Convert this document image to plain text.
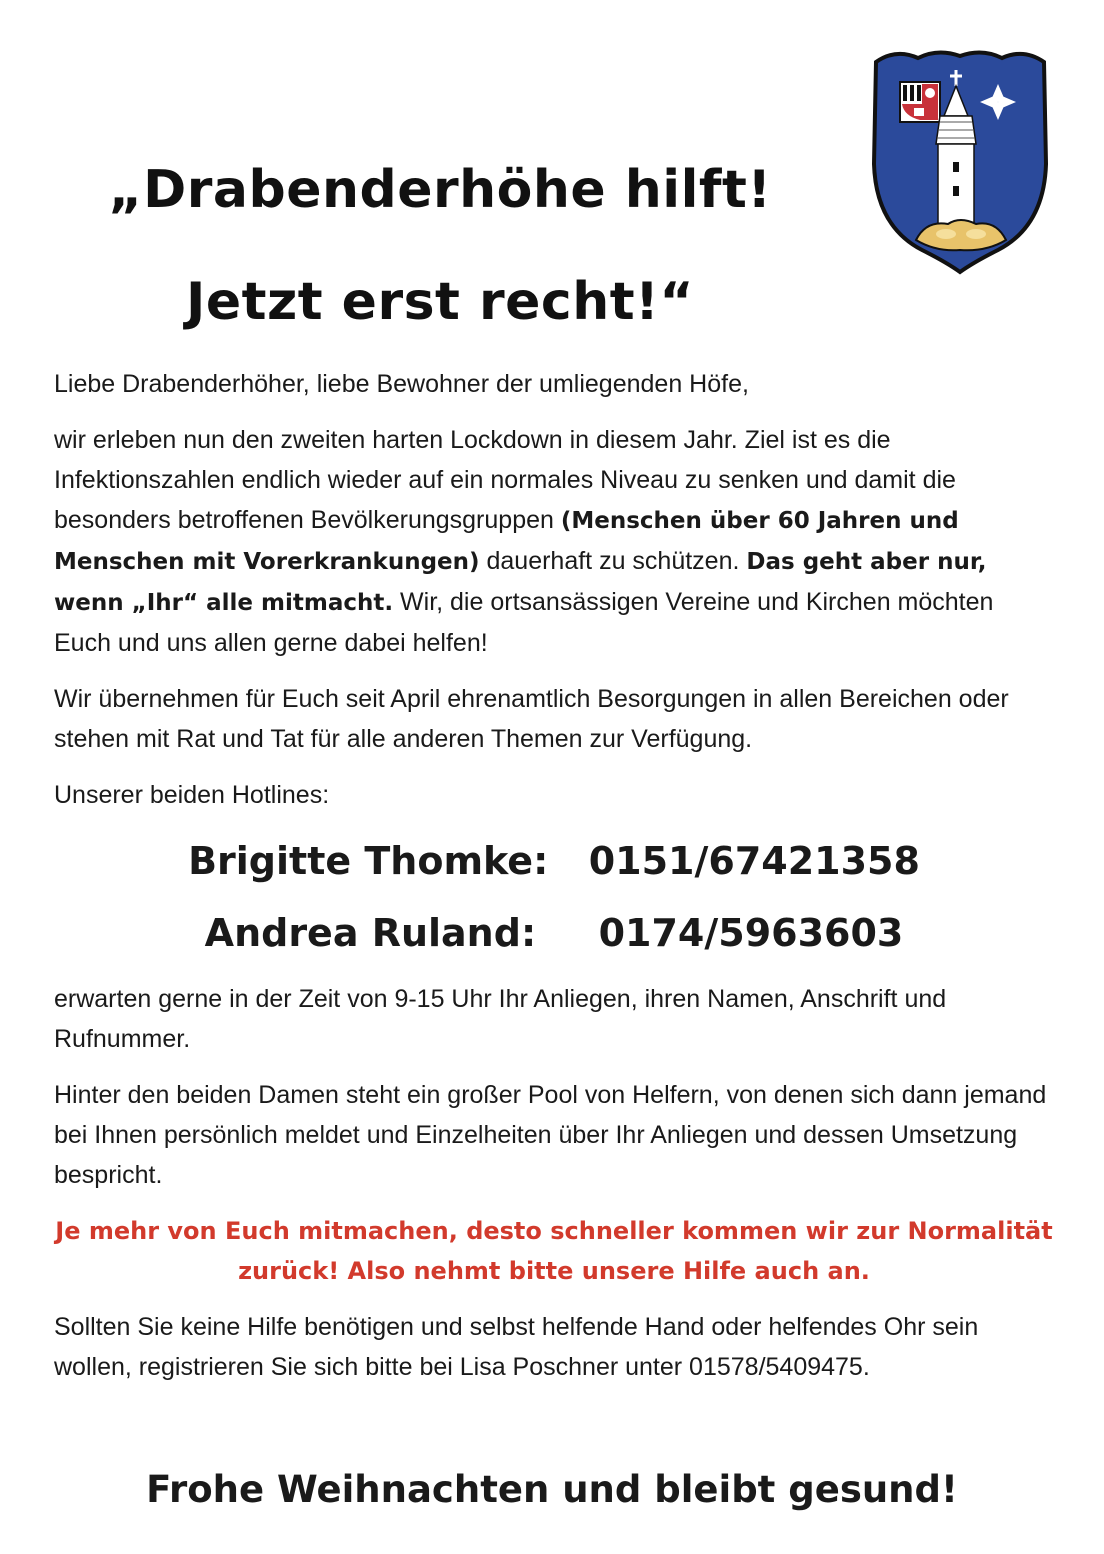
„Drabenderhöhe hilft!
Jetzt erst recht!“

Liebe Drabenderhöher, liebe Bewohner der umliegenden Höfe,

wir erleben nun den zweiten harten Lockdown in diesem Jahr. Ziel ist es die Infektionszahlen endlich wieder auf ein normales Niveau zu senken und damit die besonders betroffenen Bevölkerungsgruppen (Menschen über 60 Jahren und Menschen mit Vorerkrankungen) dauerhaft zu schützen. Das geht aber nur, wenn „Ihr“ alle mitmacht. Wir, die ortsansässigen Vereine und Kirchen möchten Euch und uns allen gerne dabei helfen!

Wir übernehmen für Euch seit April ehrenamtlich Besorgungen in allen Bereichen oder stehen mit Rat und Tat für alle anderen Themen zur Verfügung.

Unserer beiden Hotlines:

Brigitte Thomke: 0151/67421358

Andrea Ruland: 0174/5963603

erwarten gerne in der Zeit von 9-15 Uhr Ihr Anliegen, ihren Namen, Anschrift und Rufnummer.

Hinter den beiden Damen steht ein großer Pool von Helfern, von denen sich dann jemand bei Ihnen persönlich meldet und Einzelheiten über Ihr Anliegen und dessen Umsetzung bespricht.

Je mehr von Euch mitmachen, desto schneller kommen wir zur Normalität zurück! Also nehmt bitte unsere Hilfe auch an.

Sollten Sie keine Hilfe benötigen und selbst helfende Hand oder helfendes Ohr sein wollen, registrieren Sie sich bitte bei Lisa Poschner unter 01578/5409475.

Frohe Weihnachten und bleibt gesund!
